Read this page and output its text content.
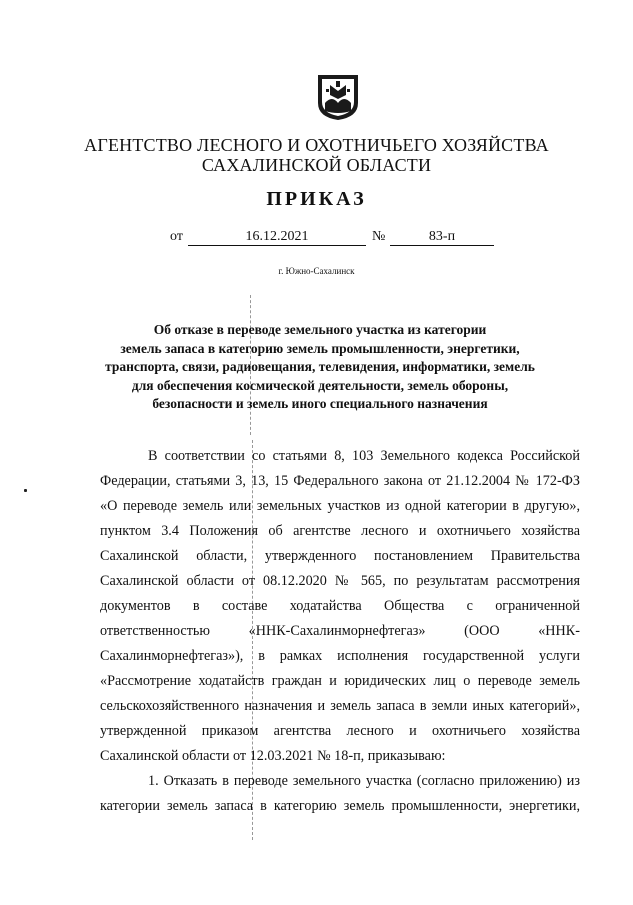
АГЕНТСТВО ЛЕСНОГО И ОХОТНИЧЬЕГО ХОЗЯЙСТВА
САХАЛИНСКОЙ ОБЛАСТИ
ПРИКАЗ
от	16.12.2021	№	83-п
г. Южно-Сахалинск
Об отказе в переводе земельного участка из категории
земель запаса в категорию земель промышленности, энергетики,
транспорта, связи, радиовещания, телевидения, информатики, земель
для обеспечения космической деятельности, земель обороны,
безопасности и земель иного специального назначения
В соответствии со статьями 8, 103 Земельного кодекса Российской
Федерации, статьями 3, 13, 15 Федерального закона от 21.12.2004 № 172-ФЗ
«О переводе земель или земельных участков из одной категории в другую»,
пунктом 3.4 Положения об агентстве лесного и охотничьего хозяйства
Сахалинской области, утвержденного постановлением Правительства
Сахалинской области от 08.12.2020 № 565, по результатам рассмотрения
документов в составе ходатайства Общества с ограниченной
ответственностью «ННК-Сахалинморнефтегаз» (ООО «ННК-
Сахалинморнефтегаз»), в рамках исполнения государственной услуги
«Рассмотрение ходатайств граждан и юридических лиц о переводе земель
сельскохозяйственного назначения и земель запаса в земли иных категорий»,
утвержденной приказом агентства лесного и охотничьего хозяйства
Сахалинской области от 12.03.2021 № 18-п, приказываю:
1. Отказать в переводе земельного участка (согласно приложению) из
категории земель запаса в категорию земель промышленности, энергетики,
